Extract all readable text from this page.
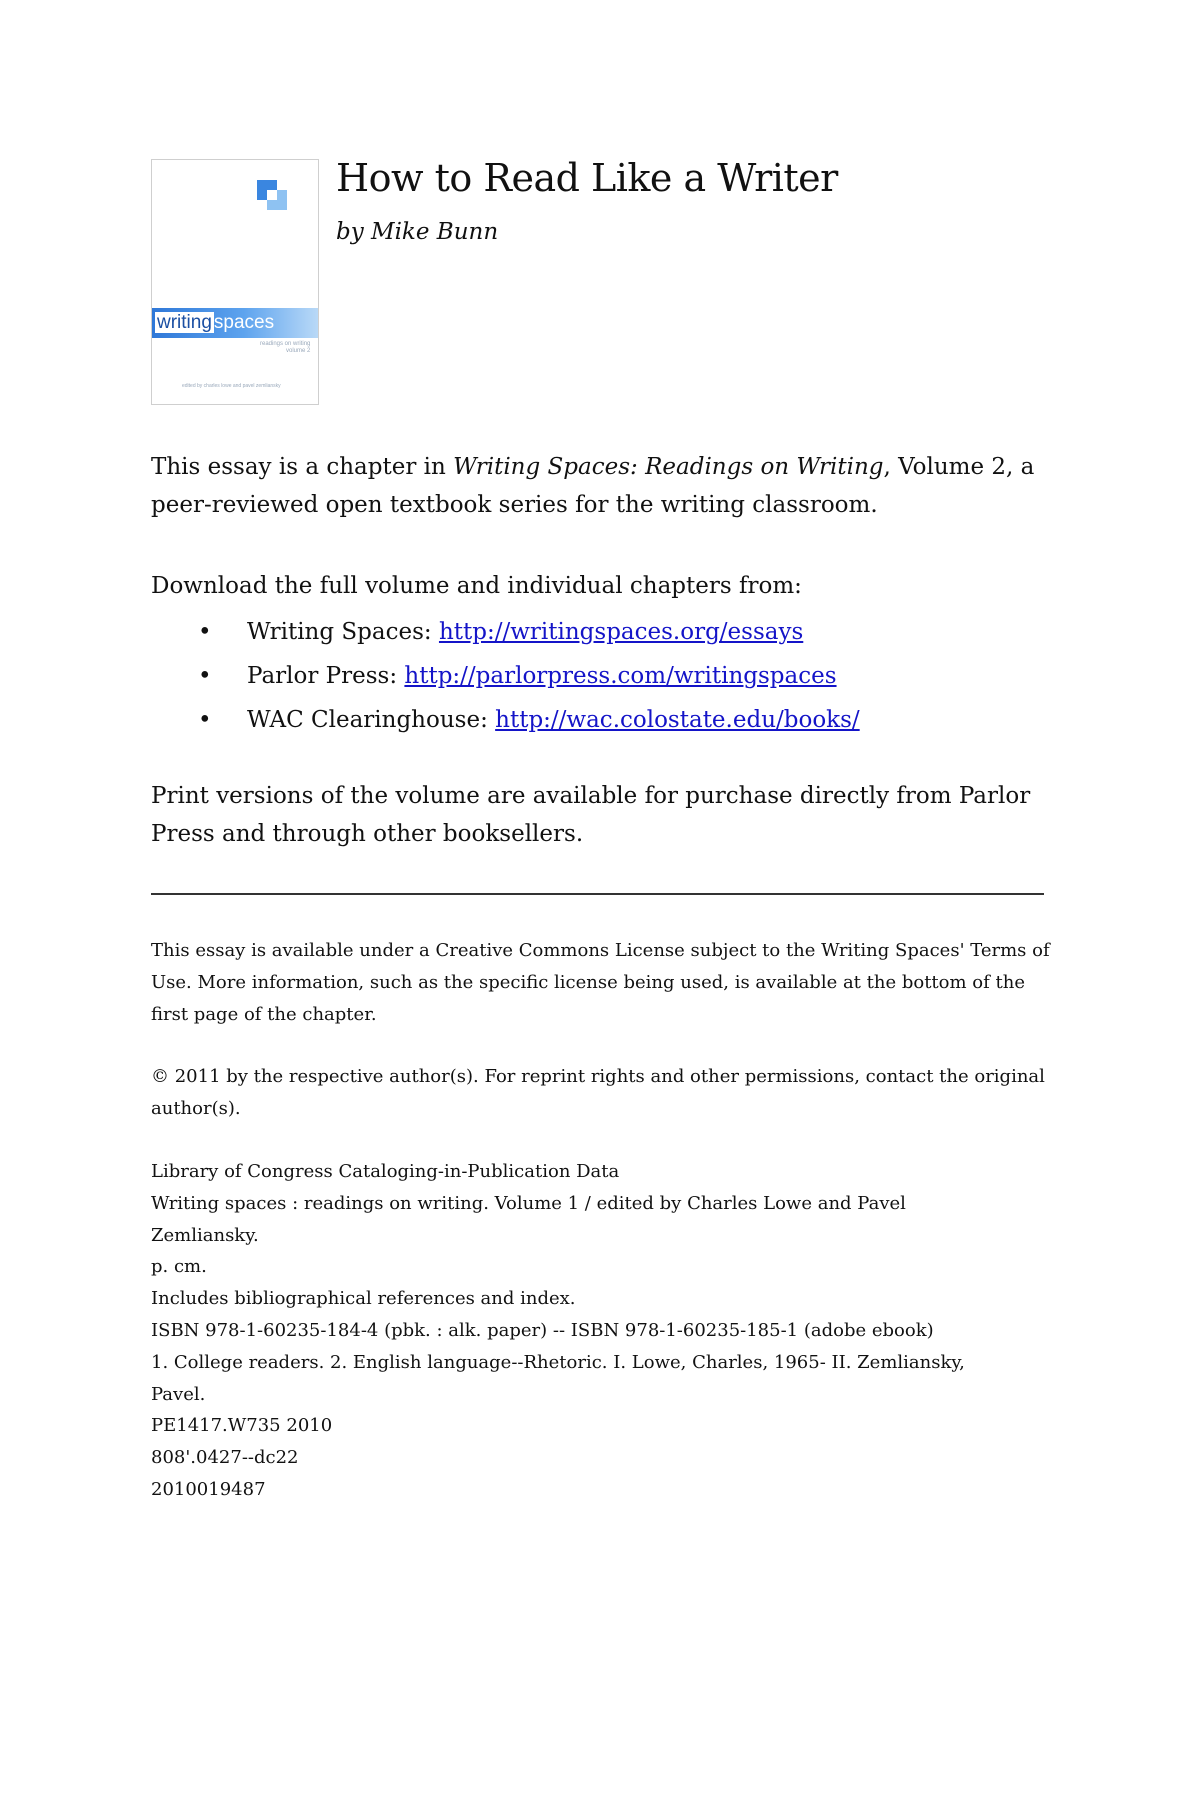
writing spaces
readings on writing
volume 2
edited by charles lowe and pavel zemliansky
How to Read Like a Writer

by Mike Bunn

This essay is a chapter in Writing Spaces: Readings on Writing, Volume 2, a peer-reviewed open textbook series for the writing classroom.

Download the full volume and individual chapters from:

• Writing Spaces: http://writingspaces.org/essays
• Parlor Press: http://parlorpress.com/writingspaces
• WAC Clearinghouse: http://wac.colostate.edu/books/

Print versions of the volume are available for purchase directly from Parlor Press and through other booksellers.

This essay is available under a Creative Commons License subject to the Writing Spaces' Terms of Use. More information, such as the specific license being used, is available at the bottom of the first page of the chapter.

© 2011 by the respective author(s). For reprint rights and other permissions, contact the original author(s).

Library of Congress Cataloging-in-Publication Data
Writing spaces : readings on writing. Volume 1 / edited by Charles Lowe and Pavel
Zemliansky.
p. cm.
Includes bibliographical references and index.
ISBN 978-1-60235-184-4 (pbk. : alk. paper) -- ISBN 978-1-60235-185-1 (adobe ebook)
1. College readers. 2. English language--Rhetoric. I. Lowe, Charles, 1965- II. Zemliansky,
Pavel.
PE1417.W735 2010
808'.0427--dc22
2010019487
